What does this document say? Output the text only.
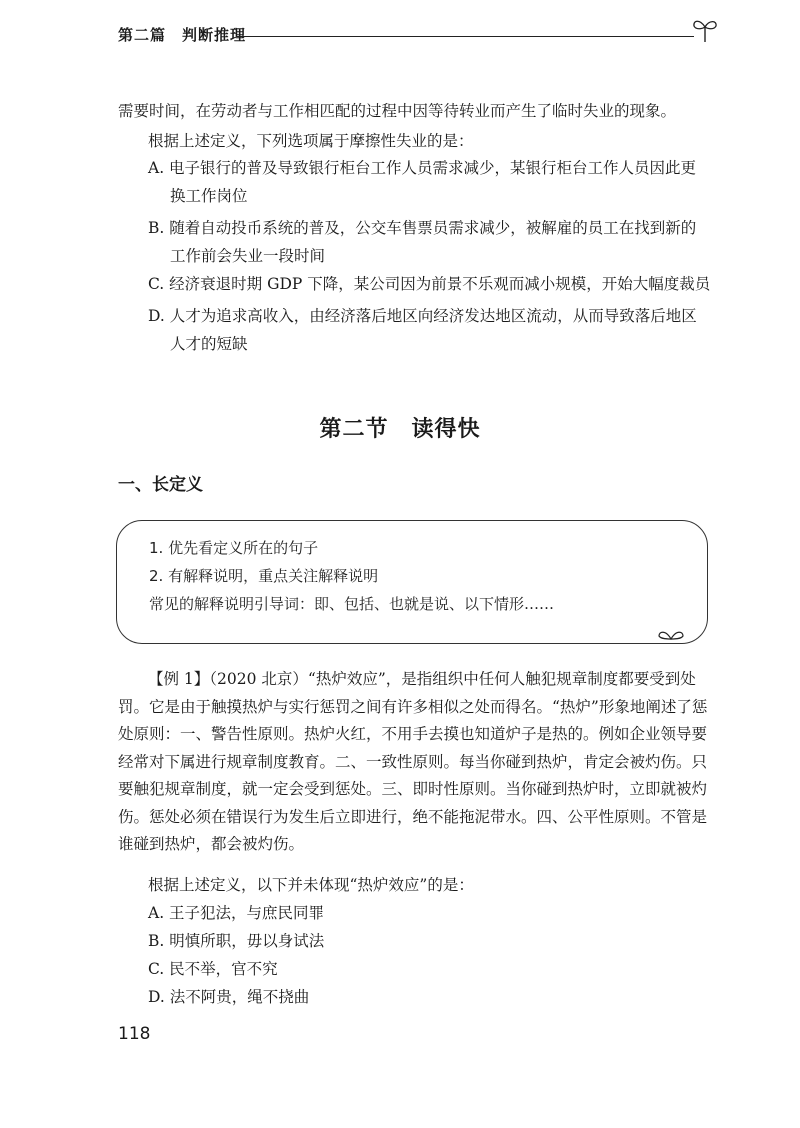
第二篇　判断推理
需要时间，在劳动者与工作相匹配的过程中因等待转业而产生了临时失业的现象。
根据上述定义，下列选项属于摩擦性失业的是：
A. 电子银行的普及导致银行柜台工作人员需求减少，某银行柜台工作人员因此更
换工作岗位
B. 随着自动投币系统的普及，公交车售票员需求减少，被解雇的员工在找到新的
工作前会失业一段时间
C. 经济衰退时期 GDP 下降，某公司因为前景不乐观而减小规模，开始大幅度裁员
D. 人才为追求高收入，由经济落后地区向经济发达地区流动，从而导致落后地区
人才的短缺
第二节　读得快
一、长定义
1. 优先看定义所在的句子
2. 有解释说明，重点关注解释说明
常见的解释说明引导词：即、包括、也就是说、以下情形……
【例 1】（2020 北京）“热炉效应”，是指组织中任何人触犯规章制度都要受到处罚。它是由于触摸热炉与实行惩罚之间有许多相似之处而得名。“热炉”形象地阐述了惩处原则：一、警告性原则。热炉火红，不用手去摸也知道炉子是热的。例如企业领导要经常对下属进行规章制度教育。二、一致性原则。每当你碰到热炉，肯定会被灼伤。只要触犯规章制度，就一定会受到惩处。三、即时性原则。当你碰到热炉时，立即就被灼伤。惩处必须在错误行为发生后立即进行，绝不能拖泥带水。四、公平性原则。不管是谁碰到热炉，都会被灼伤。
根据上述定义，以下并未体现“热炉效应”的是：
A. 王子犯法，与庶民同罪
B. 明慎所职，毋以身试法
C. 民不举，官不究
D. 法不阿贵，绳不挠曲
118
